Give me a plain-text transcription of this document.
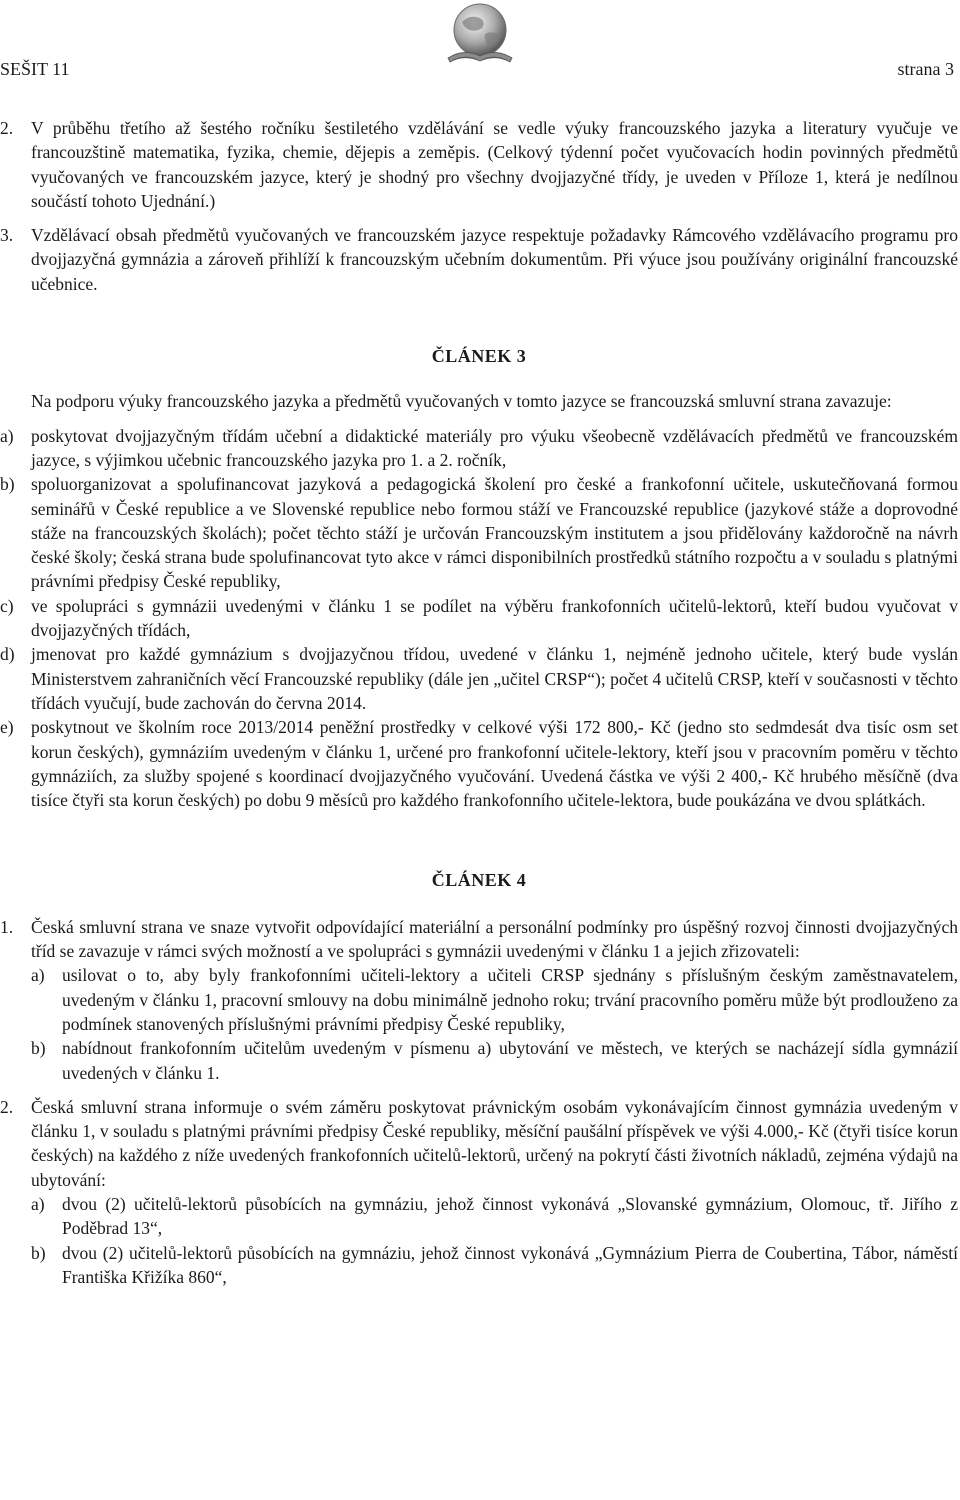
SEŠIT 11	strana 3

2. V průběhu třetího až šestého ročníku šestiletého vzdělávání se vedle výuky francouzského jazyka a literatury vyučuje ve francouzštině matematika, fyzika, chemie, dějepis a zeměpis. (Celkový týdenní počet vyučovacích hodin povinných předmětů vyučovaných ve francouzském jazyce, který je shodný pro všechny dvojjazyčné třídy, je uveden v Příloze 1, která je nedílnou součástí tohoto Ujednání.)

3. Vzdělávací obsah předmětů vyučovaných ve francouzském jazyce respektuje požadavky Rámcového vzdělávacího programu pro dvojjazyčná gymnázia a zároveň přihlíží k francouzským učebním dokumentům. Při výuce jsou používány originální francouzské učebnice.

ČLÁNEK 3

Na podporu výuky francouzského jazyka a předmětů vyučovaných v tomto jazyce se francouzská smluvní strana zavazuje:

a) poskytovat dvojjazyčným třídám učební a didaktické materiály pro výuku všeobecně vzdělávacích předmětů ve francouzském jazyce, s výjimkou učebnic francouzského jazyka pro 1. a 2. ročník,
b) spoluorganizovat a spolufinancovat jazyková a pedagogická školení pro české a frankofonní učitele, uskutečňovaná formou seminářů v České republice a ve Slovenské republice nebo formou stáží ve Francouzské republice (jazykové stáže a doprovodné stáže na francouzských školách); počet těchto stáží je určován Francouzským institutem a jsou přidělovány každoročně na návrh české školy; česká strana bude spolufinancovat tyto akce v rámci disponibilních prostředků státního rozpočtu a v souladu s platnými právními předpisy České republiky,
c) ve spolupráci s gymnázii uvedenými v článku 1 se podílet na výběru frankofonních učitelů-lektorů, kteří budou vyučovat v dvojjazyčných třídách,
d) jmenovat pro každé gymnázium s dvojjazyčnou třídou, uvedené v článku 1, nejméně jednoho učitele, který bude vyslán Ministerstvem zahraničních věcí Francouzské republiky (dále jen „učitel CRSP“); počet 4 učitelů CRSP, kteří v současnosti v těchto třídách vyučují, bude zachován do června 2014.
e) poskytnout ve školním roce 2013/2014 peněžní prostředky v celkové výši 172 800,- Kč (jedno sto sedmdesát dva tisíc osm set korun českých), gymnáziím uvedeným v článku 1, určené pro frankofonní učitele-lektory, kteří jsou v pracovním poměru v těchto gymnáziích, za služby spojené s koordinací dvojjazyčného vyučování. Uvedená částka ve výši 2 400,- Kč hrubého měsíčně (dva tisíce čtyři sta korun českých) po dobu 9 měsíců pro každého frankofonního učitele-lektora, bude poukázána ve dvou splátkách.

ČLÁNEK 4

1. Česká smluvní strana ve snaze vytvořit odpovídající materiální a personální podmínky pro úspěšný rozvoj činnosti dvojjazyčných tříd se zavazuje v rámci svých možností a ve spolupráci s gymnázii uvedenými v článku 1 a jejich zřizovateli:

a) usilovat o to, aby byly frankofonními učiteli-lektory a učiteli CRSP sjednány s příslušným českým zaměstnavatelem, uvedeným v článku 1, pracovní smlouvy na dobu minimálně jednoho roku; trvání pracovního poměru může být prodlouženo za podmínek stanovených příslušnými právními předpisy České republiky,
b) nabídnout frankofonním učitelům uvedeným v písmenu a) ubytování ve městech, ve kterých se nacházejí sídla gymnázií uvedených v článku 1.

2. Česká smluvní strana informuje o svém záměru poskytovat právnickým osobám vykonávajícím činnost gymnázia uvedeným v článku 1, v souladu s platnými právními předpisy České republiky, měsíční paušální příspěvek ve výši 4.000,- Kč (čtyři tisíce korun českých) na každého z níže uvedených frankofonních učitelů-lektorů, určený na pokrytí části životních nákladů, zejména výdajů na ubytování:

a) dvou (2) učitelů-lektorů působících na gymnáziu, jehož činnost vykonává „Slovanské gymnázium, Olomouc, tř. Jiřího z Poděbrad 13“,
b) dvou (2) učitelů-lektorů působících na gymnáziu, jehož činnost vykonává „Gymnázium Pierra de Coubertina, Tábor, náměstí Františka Křižíka 860“,
